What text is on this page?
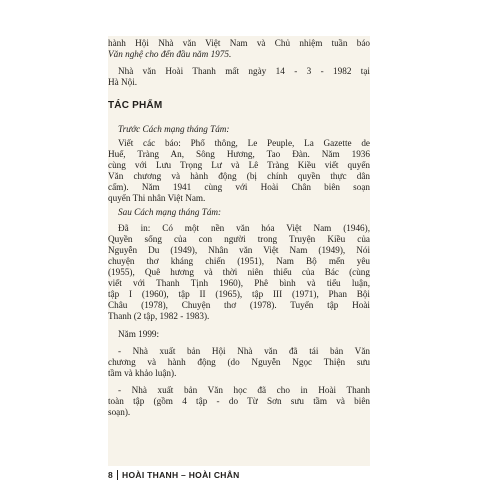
hành Hội Nhà văn Việt Nam và Chủ nhiệm tuần báo
Văn nghệ cho đến đầu năm 1975.
Nhà văn Hoài Thanh mất ngày 14 - 3 - 1982 tại
Hà Nội.
TÁC PHẨM
Trước Cách mạng tháng Tám:
Viết các báo: Phổ thông, Le Peuple, La Gazette de
Huế, Tràng An, Sông Hương, Tao Đàn. Năm 1936
cùng với Lưu Trọng Lư và Lê Tràng Kiều viết quyển
Văn chương và hành động (bị chính quyền thực dân
cấm). Năm 1941 cùng với Hoài Chân biên soạn
quyển Thi nhân Việt Nam.
Sau Cách mạng tháng Tám:
Đã in: Có một nền văn hóa Việt Nam (1946),
Quyền sống của con người trong Truyện Kiều của
Nguyễn Du (1949), Nhân văn Việt Nam (1949), Nói
chuyện thơ kháng chiến (1951), Nam Bộ mến yêu
(1955), Quê hương và thời niên thiếu của Bác (cùng
viết với Thanh Tịnh 1960), Phê bình và tiểu luận,
tập I (1960), tập II (1965), tập III (1971), Phan Bội
Châu (1978), Chuyện thơ (1978). Tuyển tập Hoài
Thanh (2 tập, 1982 - 1983).
Năm 1999:
- Nhà xuất bản Hội Nhà văn đã tái bản Văn
chương và hành động (do Nguyễn Ngọc Thiện sưu
tầm và khảo luận).
- Nhà xuất bản Văn học đã cho in Hoài Thanh
toàn tập (gồm 4 tập - do Từ Sơn sưu tầm và biên
soạn).
8 HOÀI THANH – HOÀI CHÂN
